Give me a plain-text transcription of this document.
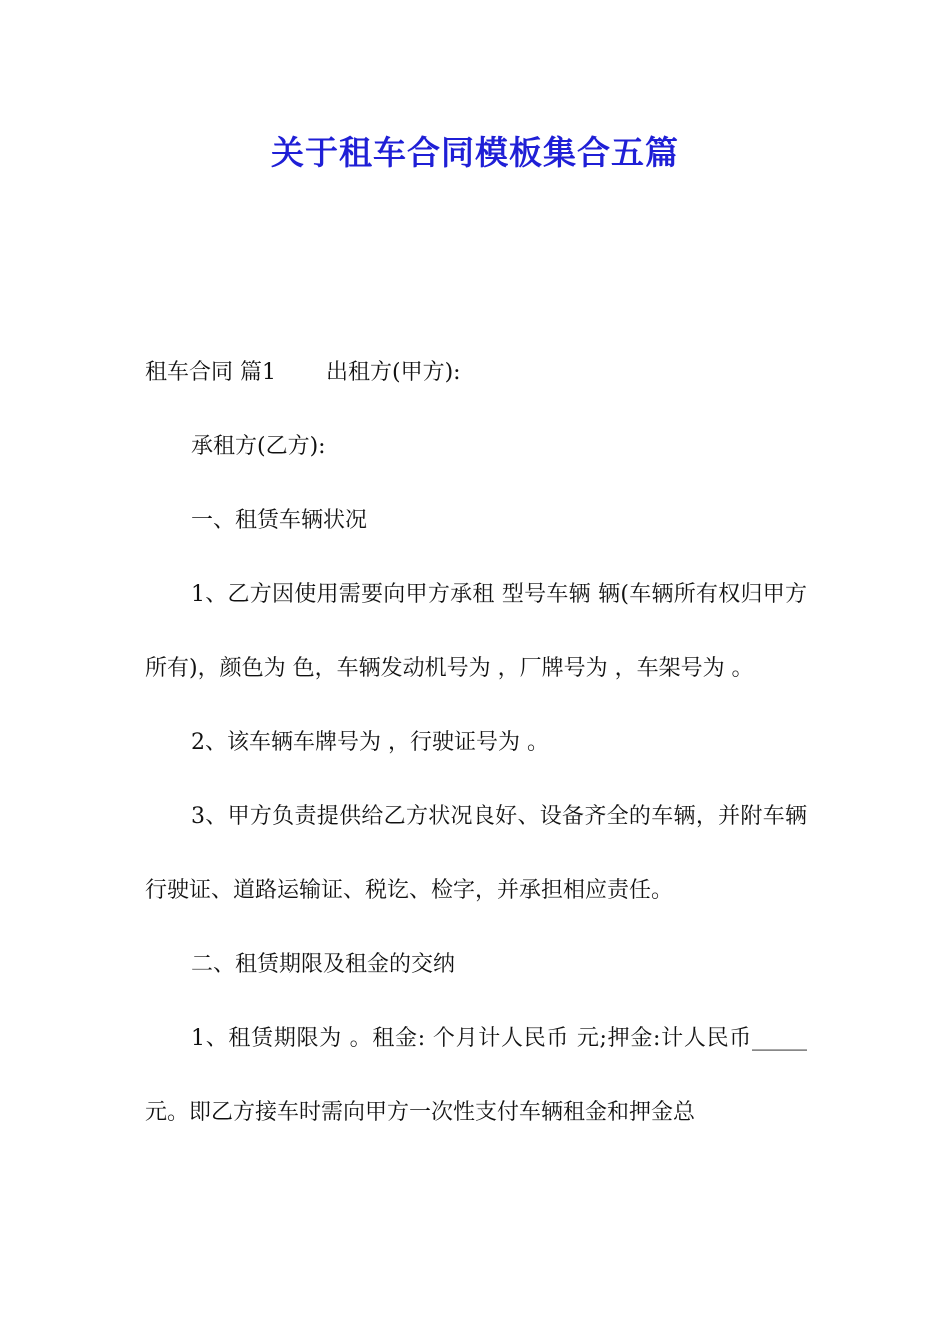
关于租车合同模板集合五篇

租车合同 篇1 出租方(甲方):

承租方(乙方):

一、租赁车辆状况

1、乙方因使用需要向甲方承租 型号车辆 辆(车辆所有权归甲方所有)，颜色为 色，车辆发动机号为 ，厂牌号为 ，车架号为 。

2、该车辆车牌号为 ，行驶证号为 。

3、甲方负责提供给乙方状况良好、设备齐全的车辆，并附车辆行驶证、道路运输证、税讫、检字，并承担相应责任。

二、租赁期限及租金的交纳

1、租赁期限为 。租金: 个月计人民币 元;押金:计人民币_____元。即乙方接车时需向甲方一次性支付车辆租金和押金总
